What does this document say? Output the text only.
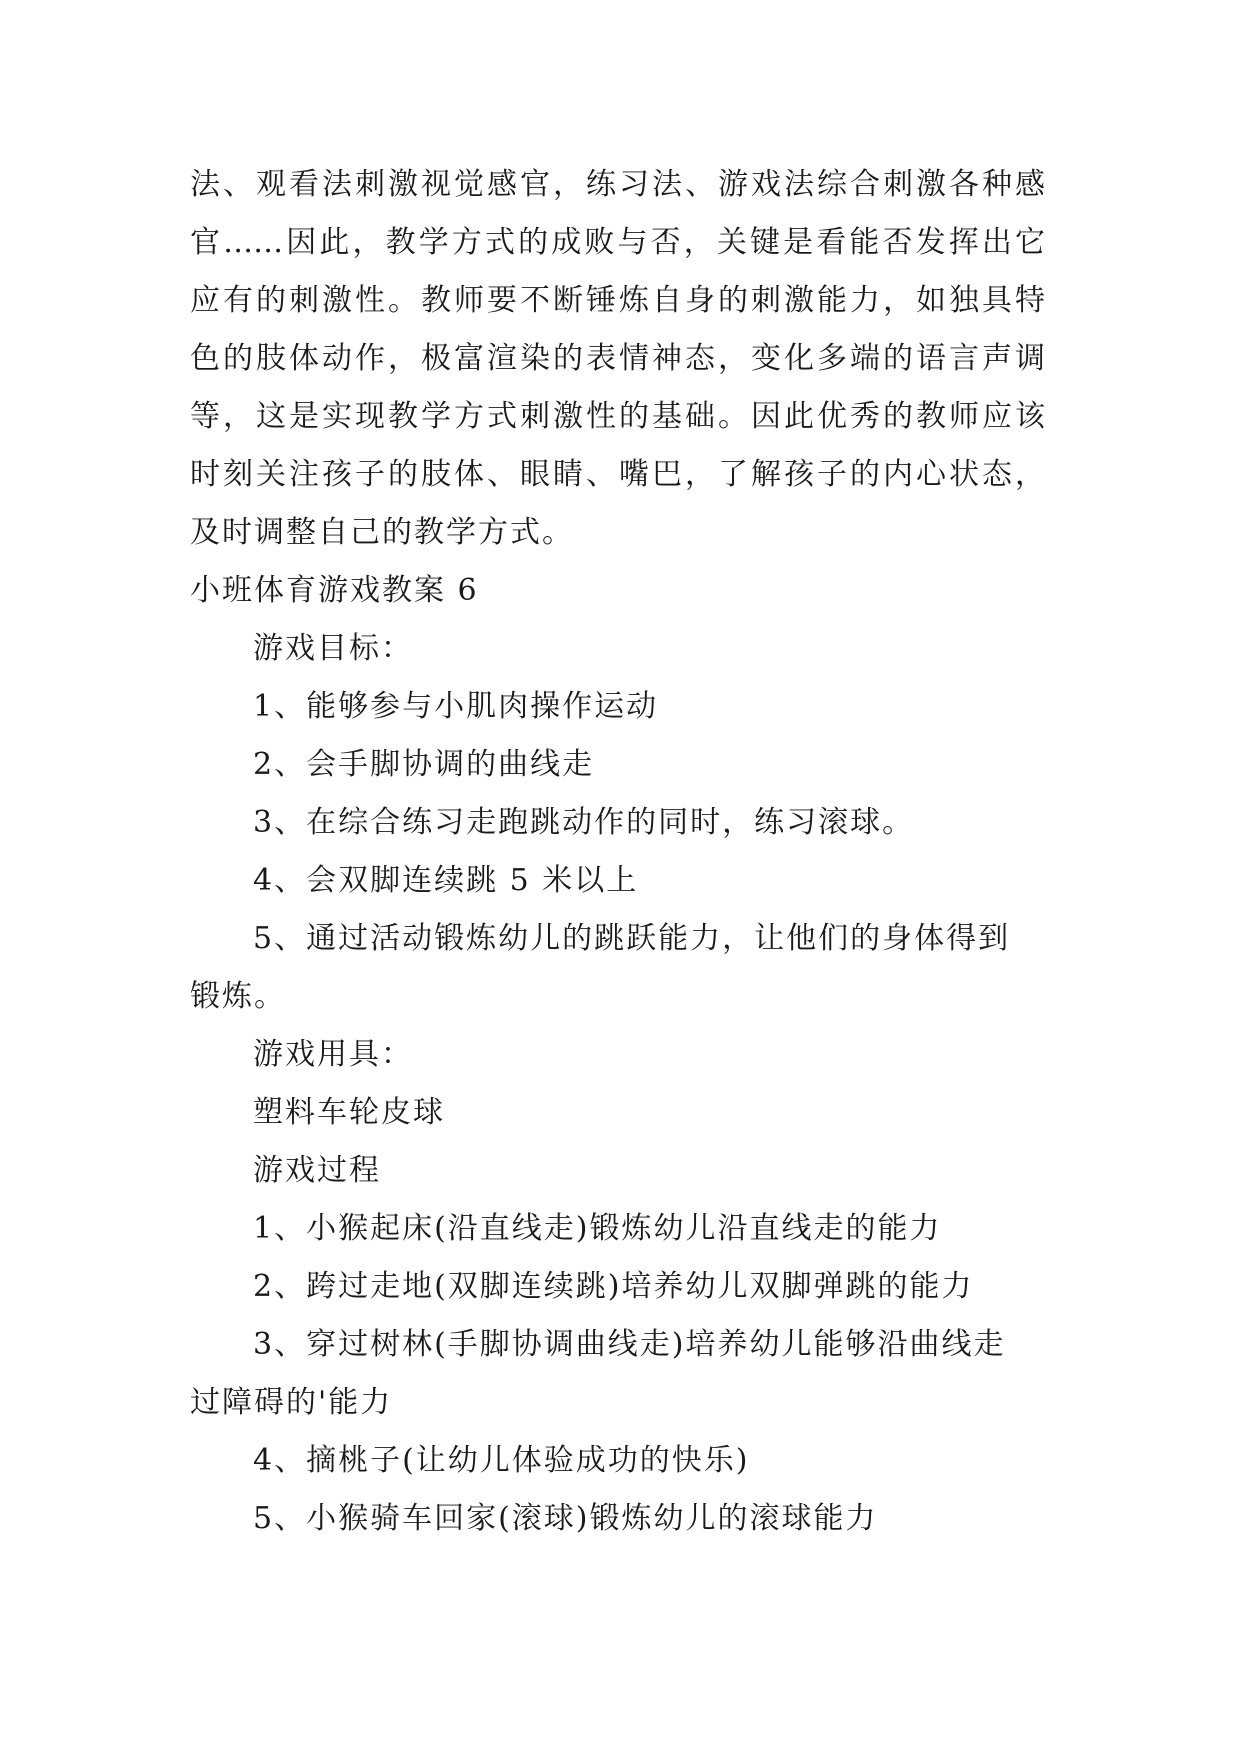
法、观看法刺激视觉感官，练习法、游戏法综合刺激各种感
官……因此，教学方式的成败与否，关键是看能否发挥出它
应有的刺激性。教师要不断锤炼自身的刺激能力，如独具特
色的肢体动作，极富渲染的表情神态，变化多端的语言声调
等，这是实现教学方式刺激性的基础。因此优秀的教师应该
时刻关注孩子的肢体、眼睛、嘴巴，了解孩子的内心状态，
及时调整自己的教学方式。
小班体育游戏教案 6
游戏目标：
1、能够参与小肌肉操作运动
2、会手脚协调的曲线走
3、在综合练习走跑跳动作的同时，练习滚球。
4、会双脚连续跳 5 米以上
5、通过活动锻炼幼儿的跳跃能力，让他们的身体得到
锻炼。
游戏用具：
塑料车轮皮球
游戏过程
1、小猴起床(沿直线走)锻炼幼儿沿直线走的能力
2、跨过走地(双脚连续跳)培养幼儿双脚弹跳的能力
3、穿过树林(手脚协调曲线走)培养幼儿能够沿曲线走
过障碍的'能力
4、摘桃子(让幼儿体验成功的快乐)
5、小猴骑车回家(滚球)锻炼幼儿的滚球能力
